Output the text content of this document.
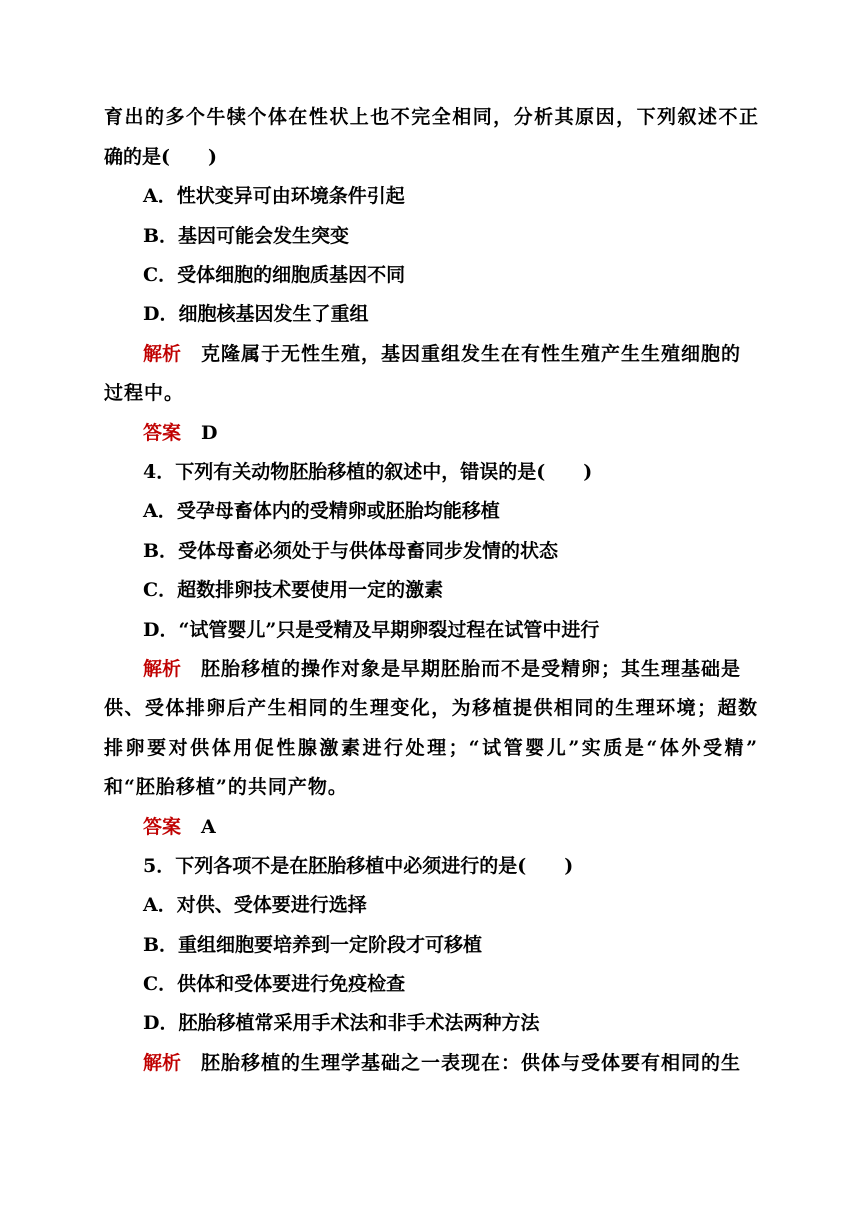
育出的多个牛犊个体在性状上也不完全相同，分析其原因，下列叙述不正
确的是(　　)
A．性状变异可由环境条件引起
B．基因可能会发生突变
C．受体细胞的细胞质基因不同
D．细胞核基因发生了重组
解析 克隆属于无性生殖，基因重组发生在有性生殖产生生殖细胞的
过程中。
答案 D
4．下列有关动物胚胎移植的叙述中，错误的是(　　)
A．受孕母畜体内的受精卵或胚胎均能移植
B．受体母畜必须处于与供体母畜同步发情的状态
C．超数排卵技术要使用一定的激素
D．“试管婴儿”只是受精及早期卵裂过程在试管中进行
解析 胚胎移植的操作对象是早期胚胎而不是受精卵；其生理基础是
供、受体排卵后产生相同的生理变化，为移植提供相同的生理环境；超数
排卵要对供体用促性腺激素进行处理；“试管婴儿”实质是“体外受精”
和“胚胎移植”的共同产物。
答案 A
5．下列各项不是在胚胎移植中必须进行的是(　　)
A．对供、受体要进行选择
B．重组细胞要培养到一定阶段才可移植
C．供体和受体要进行免疫检查
D．胚胎移植常采用手术法和非手术法两种方法
解析 胚胎移植的生理学基础之一表现在：供体与受体要有相同的生
